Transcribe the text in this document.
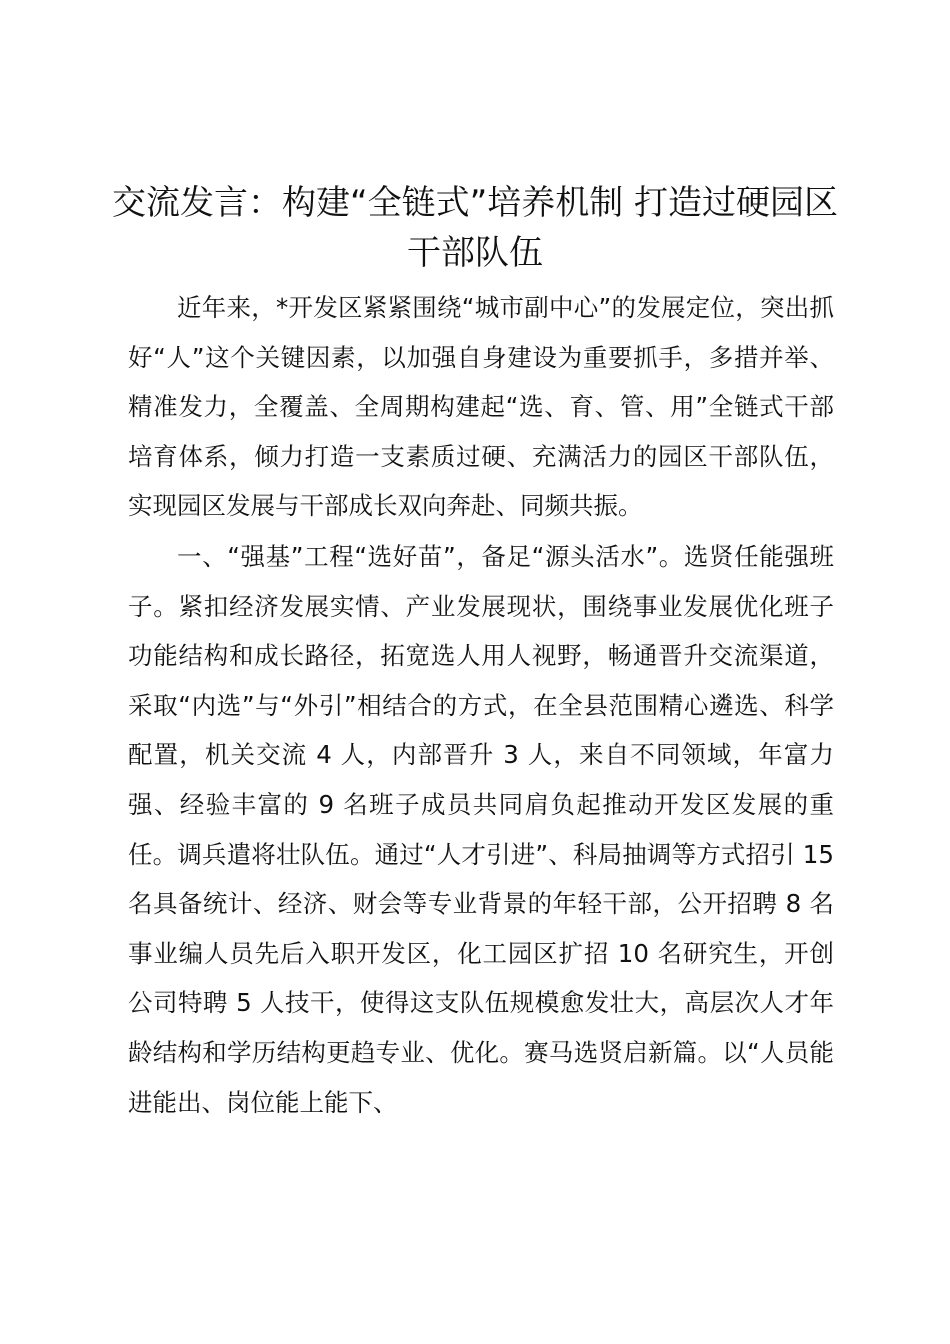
交流发言：构建“全链式”培养机制 打造过硬园区干部队伍

近年来，*开发区紧紧围绕“城市副中心”的发展定位，突出抓好“人”这个关键因素，以加强自身建设为重要抓手，多措并举、精准发力，全覆盖、全周期构建起“选、育、管、用”全链式干部培育体系，倾力打造一支素质过硬、充满活力的园区干部队伍，实现园区发展与干部成长双向奔赴、同频共振。

一、“强基”工程“选好苗”，备足“源头活水”。选贤任能强班子。紧扣经济发展实情、产业发展现状，围绕事业发展优化班子功能结构和成长路径，拓宽选人用人视野，畅通晋升交流渠道，采取“内选”与“外引”相结合的方式，在全县范围精心遴选、科学配置，机关交流 4 人，内部晋升 3 人，来自不同领域，年富力强、经验丰富的 9 名班子成员共同肩负起推动开发区发展的重任。调兵遣将壮队伍。通过“人才引进”、科局抽调等方式招引 15 名具备统计、经济、财会等专业背景的年轻干部，公开招聘 8 名事业编人员先后入职开发区，化工园区扩招 10 名研究生，开创公司特聘 5 人技干，使得这支队伍规模愈发壮大，高层次人才年龄结构和学历结构更趋专业、优化。赛马选贤启新篇。以“人员能进能出、岗位能上能下、
